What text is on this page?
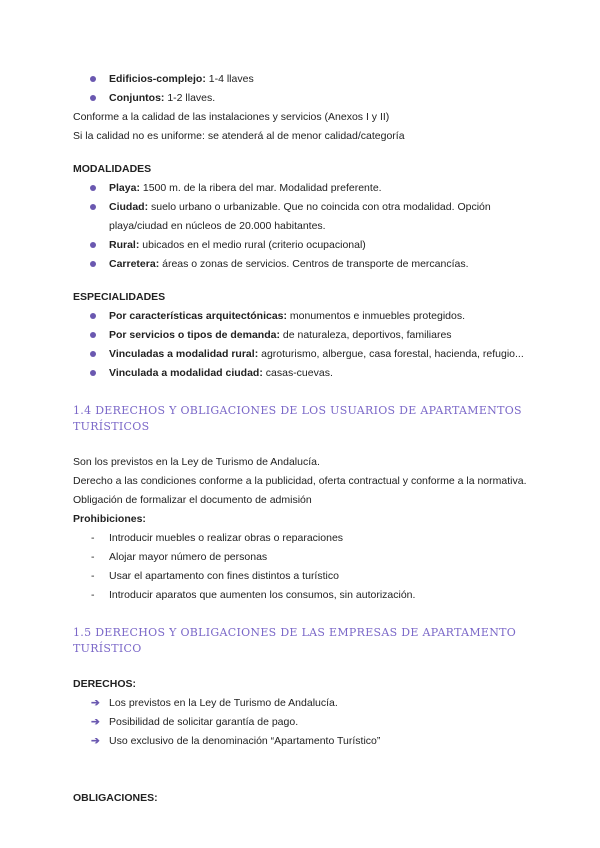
Edificios-complejo: 1-4 llaves
Conjuntos: 1-2 llaves.

Conforme a la calidad de las instalaciones y servicios (Anexos I y II)

Si la calidad no es uniforme: se atenderá al de menor calidad/categoría

MODALIDADES

Playa: 1500 m. de la ribera del mar. Modalidad preferente.
Ciudad: suelo urbano o urbanizable. Que no coincida con otra modalidad. Opción playa/ciudad en núcleos de 20.000 habitantes.
Rural: ubicados en el medio rural (criterio ocupacional)
Carretera: áreas o zonas de servicios. Centros de transporte de mercancías.

ESPECIALIDADES

Por características arquitectónicas: monumentos e inmuebles protegidos.
Por servicios o tipos de demanda: de naturaleza, deportivos, familiares
Vinculadas a modalidad rural: agroturismo, albergue, casa forestal, hacienda, refugio...
Vinculada a modalidad ciudad: casas-cuevas.

1.4 DERECHOS Y OBLIGACIONES DE LOS USUARIOS DE APARTAMENTOS TURÍSTICOS

Son los previstos en la Ley de Turismo de Andalucía.

Derecho a las condiciones conforme a la publicidad, oferta contractual y conforme a la normativa.

Obligación de formalizar el documento de admisión

Prohibiciones:

- Introducir muebles o realizar obras o reparaciones
- Alojar mayor número de personas
- Usar el apartamento con fines distintos a turístico
- Introducir aparatos que aumenten los consumos, sin autorización.

1.5 DERECHOS Y OBLIGACIONES DE LAS EMPRESAS DE APARTAMENTO TURÍSTICO

DERECHOS:

➔ Los previstos en la Ley de Turismo de Andalucía.
➔ Posibilidad de solicitar garantía de pago.
➔ Uso exclusivo de la denominación “Apartamento Turístico”

OBLIGACIONES:
